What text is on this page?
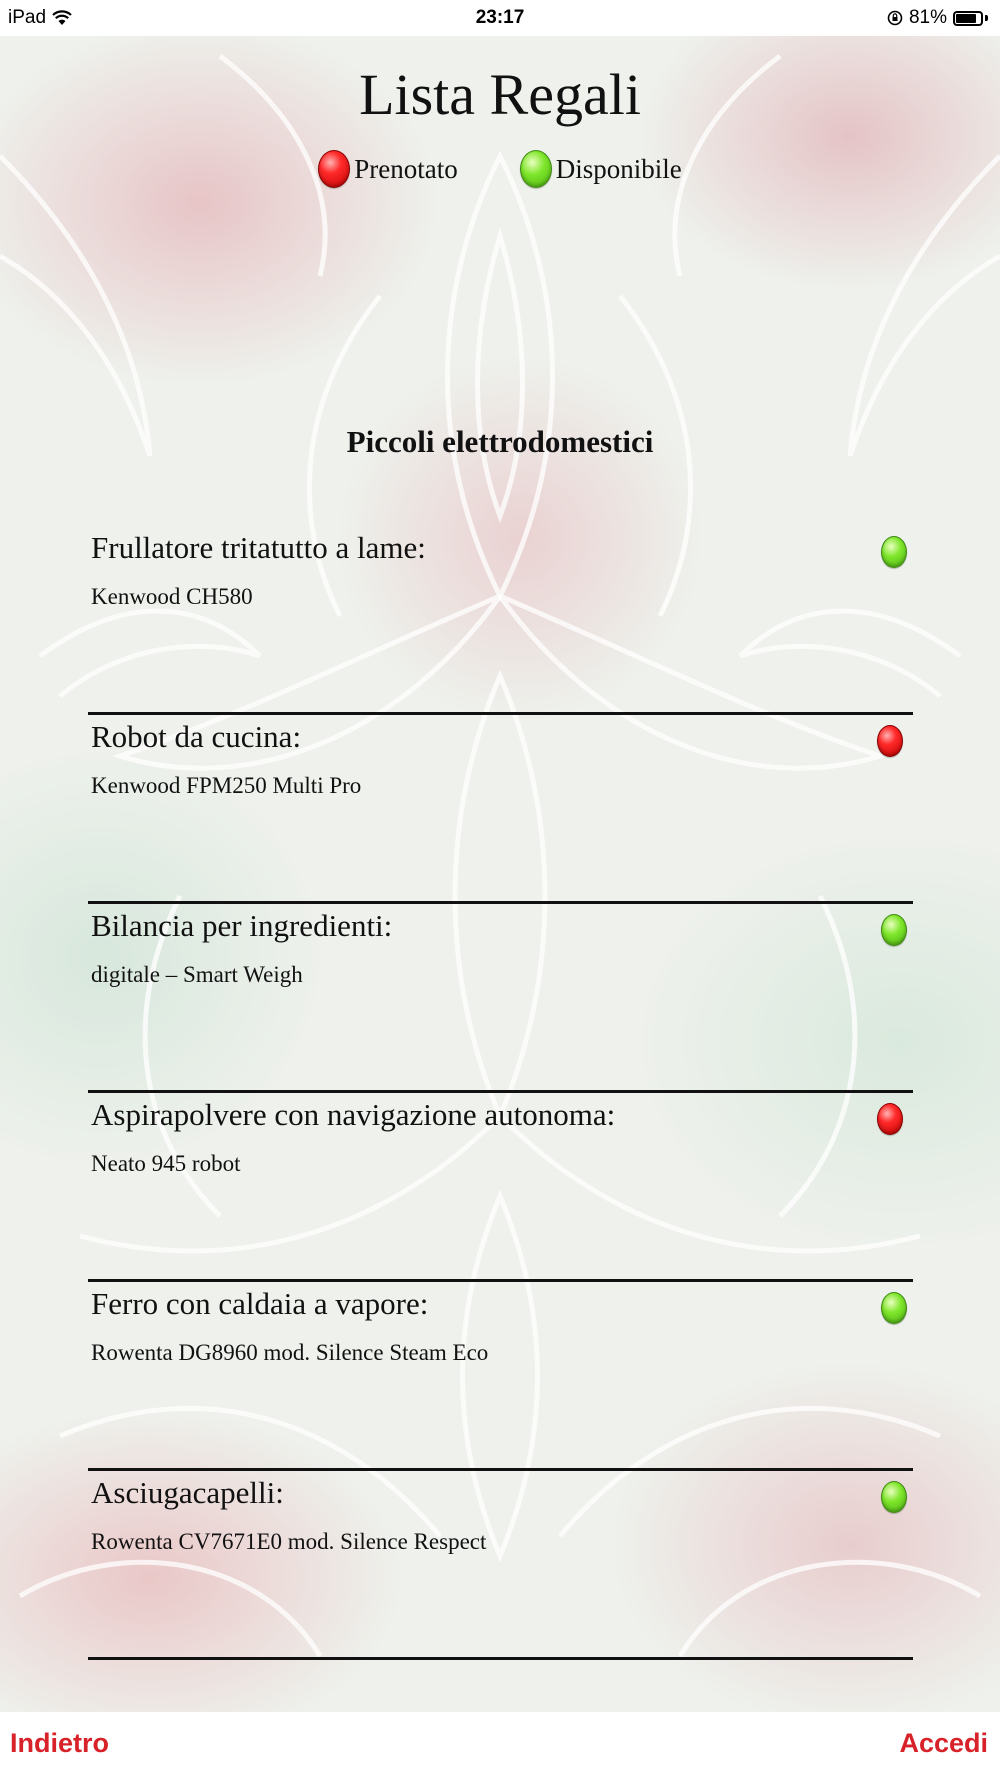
iPad	23:17	81%
Lista Regali
Prenotato	Disponibile
Piccoli elettrodomestici
Frullatore tritatutto a lame:
Kenwood CH580
Robot da cucina:
Kenwood FPM250 Multi Pro
Bilancia per ingredienti:
digitale – Smart Weigh
Aspirapolvere con navigazione autonoma:
Neato 945 robot
Ferro con caldaia a vapore:
Rowenta DG8960 mod. Silence Steam Eco
Asciugacapelli:
Rowenta CV7671E0 mod. Silence Respect
Indietro	Accedi
